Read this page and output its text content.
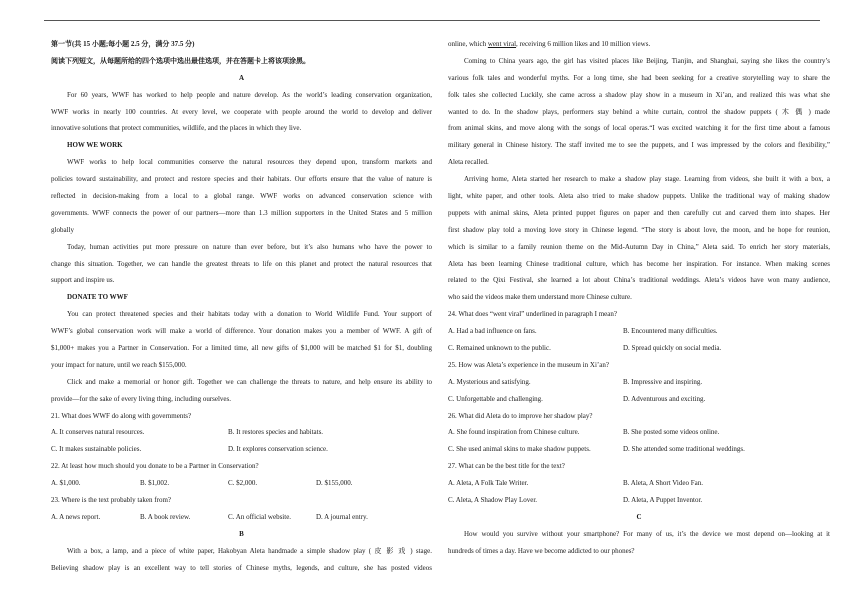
第一节(共 15 小题;每小题 2.5 分，满分 37.5 分)
阅读下列短文，从每题所给的四个选项中选出最佳选项，并在答题卡上将该项涂黑。
A
For 60 years, WWF has worked to help people and nature develop. As the world’s leading conservation organization,
WWF works in nearly 100 countries. At every level, we cooperate with people around the world to develop and deliver
innovative solutions that protect communities, wildlife, and the places in which they live.
HOW WE WORK
WWF works to help local communities conserve the natural resources they depend upon, transform markets and
policies toward sustainability, and protect and restore species and their habitats. Our efforts ensure that the value of nature is
reflected in decision-making from a local to a global range. WWF works on advanced conservation science with
governments. WWF connects the power of our partners—more than 1.3 million supporters in the United States and 5 million
globally
Today, human activities put more pressure on nature than ever before, but it’s also humans who have the power to
change this situation. Together, we can handle the greatest threats to life on this planet and protect the natural resources that
support and inspire us.
DONATE TO WWF
You can protect threatened species and their habitats today with a donation to World Wildlife Fund. Your support of
WWF’s global conservation work will make a world of difference. Your donation makes you a member of WWF. A gift of
$1,000+ makes you a Partner in Conservation. For a limited time, all new gifts of $1,000 will be matched $1 for $1, doubling
your impact for nature, until we reach $155,000.
Click and make a memorial or honor gift. Together we can challenge the threats to nature, and help ensure its ability to
provide—for the sake of every living thing, including ourselves.
21. What does WWF do along with governments?
A. It conserves natural resources.	B. It restores species and habitats.
C. It makes sustainable policies.	D. It explores conservation science.
22. At least how much should you donate to be a Partner in Conservation?
A. $1,000.	B. $1,002.	C. $2,000.	D. $155,000.
23. Where is the text probably taken from?
A. A news report.	B. A book review.	C. An official website.	D. A journal entry.
B
With a box, a lamp, and a piece of white paper, Hakobyan Aleta handmade a simple shadow play ( 皮 影 戏 ) stage.
Believing shadow play is an excellent way to tell stories of Chinese myths, legends, and culture, she has posted videos
online, which went viral, receiving 6 million likes and 10 million views.
Coming to China years ago, the girl has visited places like Beijing, Tianjin, and Shanghai, saying she likes the country’s
various folk tales and wonderful myths. For a long time, she had been seeking for a creative storytelling way to share the
folk tales she collected Luckily, she came across a shadow play show in a museum in Xi’an, and realized this was what she
wanted to do. In the shadow plays, performers stay behind a white curtain, control the shadow puppets ( 木 偶 ) made
from animal skins, and move along with the songs of local operas.“I was excited watching it for the first time about a famous
military general in Chinese history. The staff invited me to see the puppets, and I was impressed by the colors and flexibility,”
Aleta recalled.
Arriving home, Aleta started her research to make a shadow play stage. Learning from videos, she built it with a box, a
light, white paper, and other tools. Aleta also tried to make shadow puppets. Unlike the traditional way of making shadow
puppets with animal skins, Aleta printed puppet figures on paper and then carefully cut and carved them into shapes. Her
first shadow play told a moving love story in Chinese legend. “The story is about love, the moon, and he hope for reunion,
which is similar to a family reunion theme on the Mid-Autumn Day in China,” Aleta said. To enrich her story materials,
Aleta has been learning Chinese traditional culture, which has become her inspiration. For instance. When making scenes
related to the Qixi Festival, she learned a lot about China’s traditional weddings. Aleta’s videos have won many audience,
who said the videos make them understand more Chinese culture.
24. What does “went viral” underlined in paragraph I mean?
A. Had a bad influence on fans.	B. Encountered many difficulties.
C. Remained unknown to the public.	D. Spread quickly on social media.
25. How was Aleta’s experience in the museum in Xi’an?
A. Mysterious and satisfying.	B. Impressive and inspiring.
C. Unforgettable and challenging.	D. Adventurous and exciting.
26. What did Aleta do to improve her shadow play?
A. She found inspiration from Chinese culture.	B. She posted some videos online.
C. She used animal skins to make shadow puppets.	D. She attended some traditional weddings.
27. What can be the best title for the text?
A. Aleta, A Folk Tale Writer.	B. Aleta, A Short Video Fan.
C. Aleta, A Shadow Play Lover.	D. Aleta, A Puppet Inventor.
C
How would you survive without your smartphone? For many of us, it’s the device we most depend on—looking at it
hundreds of times a day. Have we become addicted to our phones?
